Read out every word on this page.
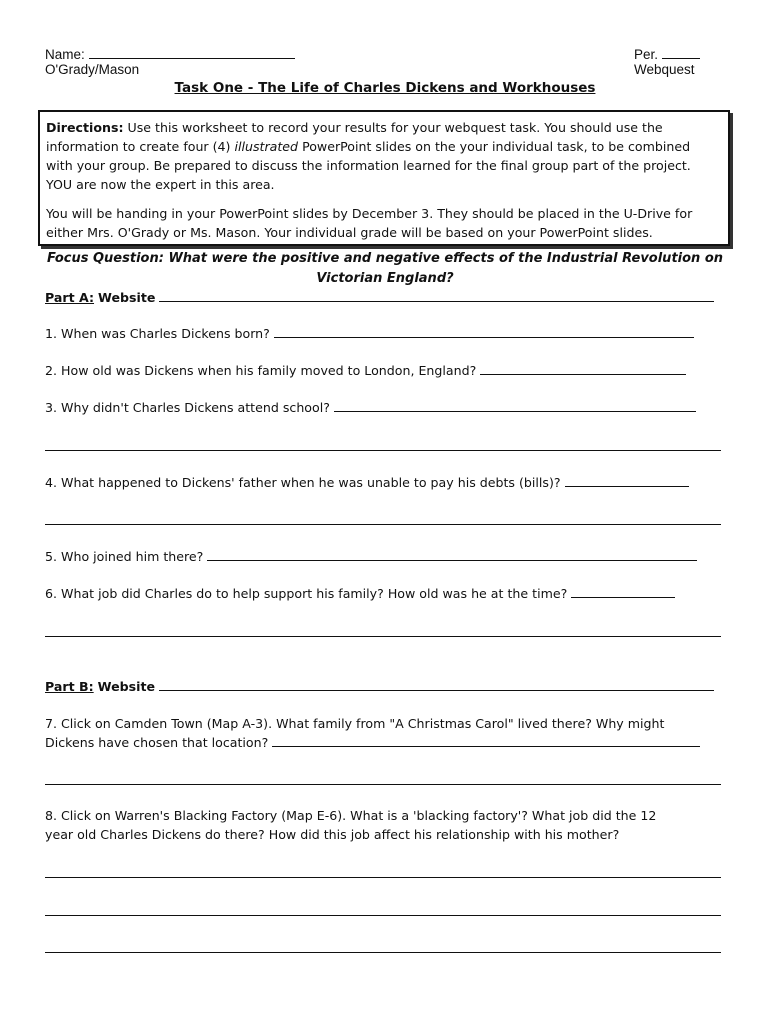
Name:
O'Grady/Mason
Per.
Webquest
Task One - The Life of Charles Dickens and Workhouses

Directions: Use this worksheet to record your results for your webquest task. You should use the information to create four (4) illustrated PowerPoint slides on the your individual task, to be combined with your group. Be prepared to discuss the information learned for the final group part of the project. YOU are now the expert in this area.

You will be handing in your PowerPoint slides by December 3. They should be placed in the U-Drive for either Mrs. O'Grady or Ms. Mason. Your individual grade will be based on your PowerPoint slides.

Focus Question: What were the positive and negative effects of the Industrial Revolution on
Victorian England?
Part A: Website
1. When was Charles Dickens born?
2. How old was Dickens when his family moved to London, England?
3. Why didn't Charles Dickens attend school?
4. What happened to Dickens' father when he was unable to pay his debts (bills)?
5. Who joined him there?
6. What job did Charles do to help support his family? How old was he at the time?
Part B: Website
7. Click on Camden Town (Map A-3). What family from "A Christmas Carol" lived there? Why might
Dickens have chosen that location?
8. Click on Warren's Blacking Factory (Map E-6). What is a 'blacking factory'? What job did the 12
year old Charles Dickens do there? How did this job affect his relationship with his mother?
